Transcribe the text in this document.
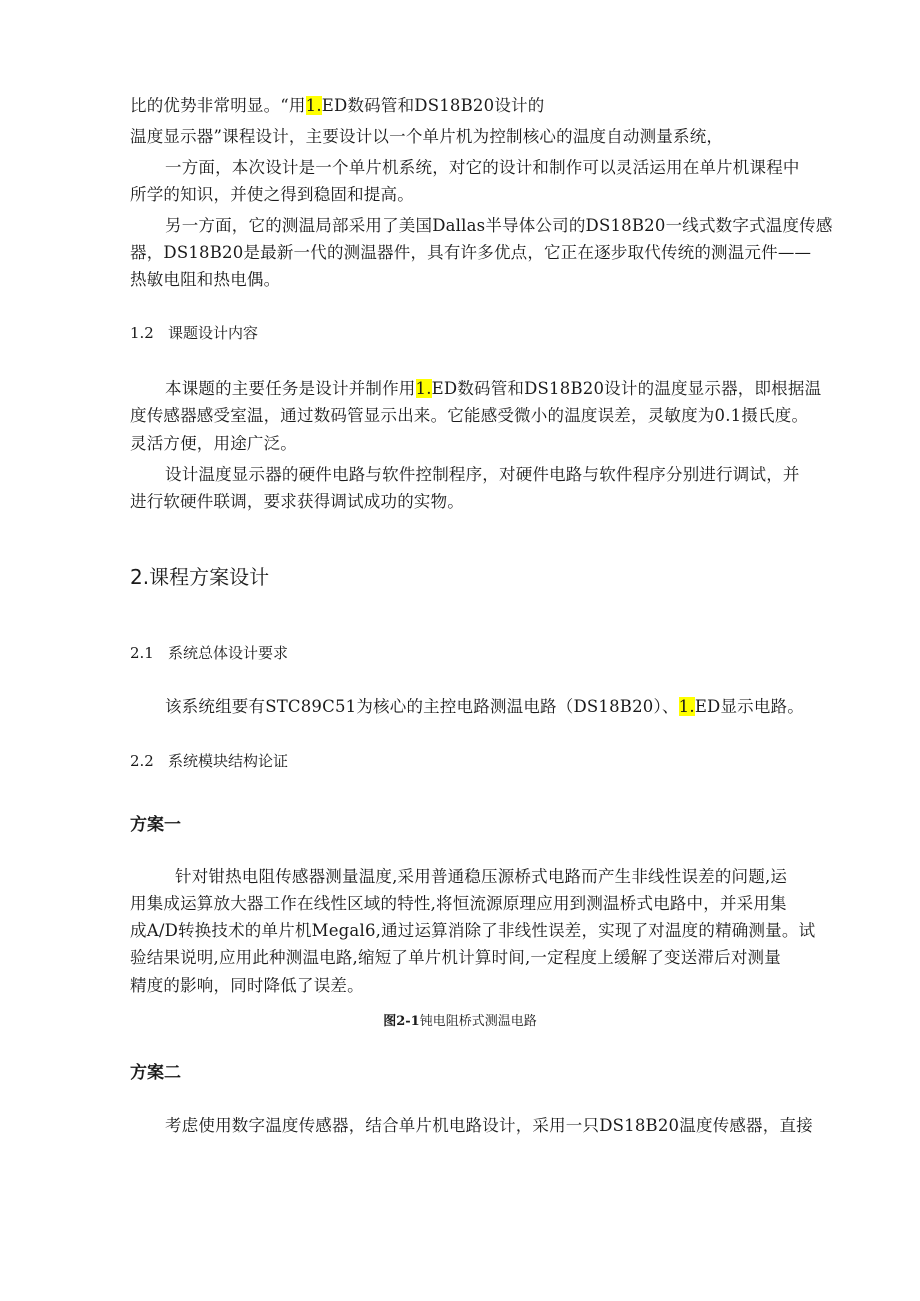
比的优势非常明显。“用1.ED数码管和DS18B20设计的
温度显示器”课程设计，主要设计以一个单片机为控制核心的温度自动测量系统，
一方面，本次设计是一个单片机系统，对它的设计和制作可以灵活运用在单片机课程中
所学的知识，并使之得到稳固和提高。
另一方面，它的测温局部采用了美国Dallas半导体公司的DS18B20一线式数字式温度传感
器，DS18B20是最新一代的测温器件，具有许多优点，它正在逐步取代传统的测温元件——
热敏电阻和热电偶。
1.2 课题设计内容
本课题的主要任务是设计并制作用1.ED数码管和DS18B20设计的温度显示器，即根据温
度传感器感受室温，通过数码管显示出来。它能感受微小的温度误差，灵敏度为0.1摄氏度。
灵活方便，用途广泛。
设计温度显示器的硬件电路与软件控制程序，对硬件电路与软件程序分别进行调试，并
进行软硬件联调，要求获得调试成功的实物。
2.课程方案设计
2.1 系统总体设计要求
该系统组要有STC89C51为核心的主控电路测温电路（DS18B20）、1.ED显示电路。
2.2 系统模块结构论证
方案一
针对钳热电阻传感器测量温度,采用普通稳压源桥式电路而产生非线性误差的问题,运
用集成运算放大器工作在线性区域的特性,将恒流源原理应用到测温桥式电路中，并采用集
成A/D转换技术的单片机Megal6,通过运算消除了非线性误差，实现了对温度的精确测量。试
验结果说明,应用此种测温电路,缩短了单片机计算时间,一定程度上缓解了变送滞后对测量
精度的影响，同时降低了误差。
图2-1钝电阻桥式测温电路
方案二
考虑使用数字温度传感器，结合单片机电路设计，采用一只DS18B20温度传感器，直接
